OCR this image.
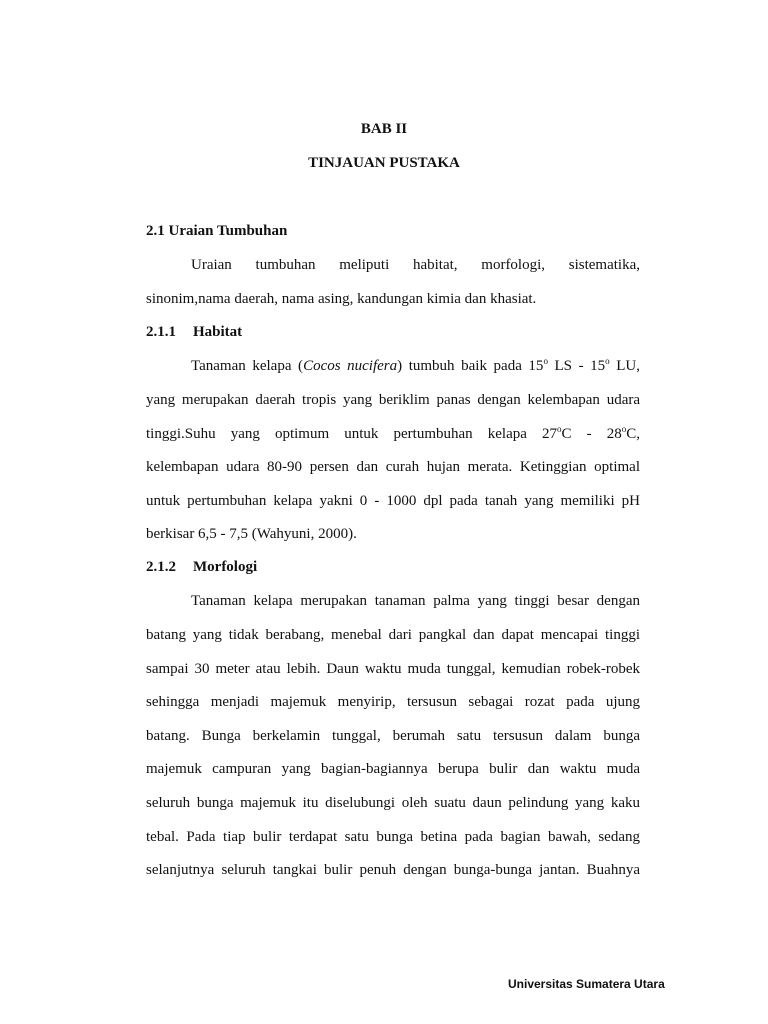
BAB II
TINJAUAN PUSTAKA
2.1 Uraian Tumbuhan
Uraian tumbuhan meliputi habitat, morfologi, sistematika,
sinonim,nama daerah, nama asing, kandungan kimia dan khasiat.
2.1.1 Habitat
Tanaman kelapa (Cocos nucifera) tumbuh baik pada 15$^o$ LS - 15$^o$ LU,
yang merupakan daerah tropis yang beriklim panas dengan kelembapan udara
tinggi.Suhu yang optimum untuk pertumbuhan kelapa 27$^o$C - 28$^o$C,
kelembapan udara 80-90 persen dan curah hujan merata. Ketinggian optimal
untuk pertumbuhan kelapa yakni 0 - 1000 dpl pada tanah yang memiliki pH
berkisar 6,5 - 7,5 (Wahyuni, 2000).
2.1.2 Morfologi
Tanaman kelapa merupakan tanaman palma yang tinggi besar dengan
batang yang tidak berabang, menebal dari pangkal dan dapat mencapai tinggi
sampai 30 meter atau lebih. Daun waktu muda tunggal, kemudian robek-robek
sehingga menjadi majemuk menyirip, tersusun sebagai rozat pada ujung
batang. Bunga berkelamin tunggal, berumah satu tersusun dalam bunga
majemuk campuran yang bagian-bagiannya berupa bulir dan waktu muda
seluruh bunga majemuk itu diselubungi oleh suatu daun pelindung yang kaku
tebal. Pada tiap bulir terdapat satu bunga betina pada bagian bawah, sedang
selanjutnya seluruh tangkai bulir penuh dengan bunga-bunga jantan. Buahnya
Universitas Sumatera Utara
